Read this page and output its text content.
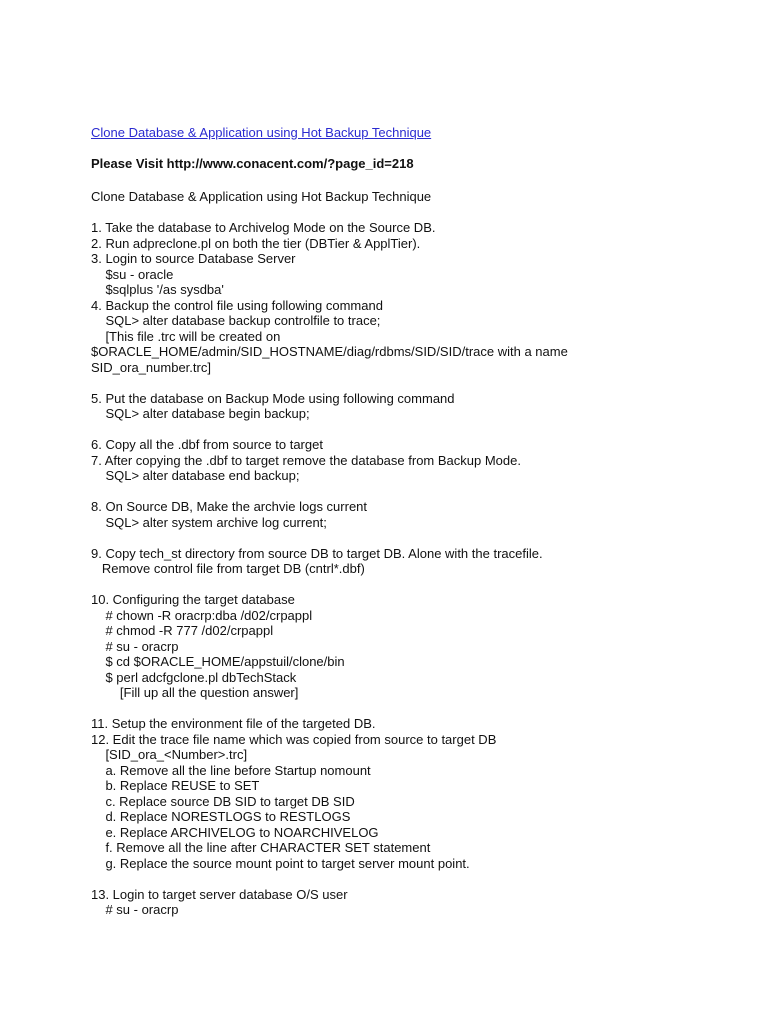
Clone Database & Application using Hot Backup Technique
Please Visit http://www.conacent.com/?page_id=218
Clone Database & Application using Hot Backup Technique
1. Take the database to Archivelog Mode on the Source DB.
2. Run adpreclone.pl on both the tier (DBTier & ApplTier).
3. Login to source Database Server
$su - oracle
$sqlplus '/as sysdba'
4. Backup the control file using following command
SQL> alter database backup controlfile to trace;
[This file .trc will be created on
$ORACLE_HOME/admin/SID_HOSTNAME/diag/rdbms/SID/SID/trace with a name
SID_ora_number.trc]
5. Put the database on Backup Mode using following command
SQL> alter database begin backup;
6. Copy all the .dbf from source to target
7. After copying the .dbf to target remove the database from Backup Mode.
SQL> alter database end backup;
8. On Source DB, Make the archvie logs current
SQL> alter system archive log current;
9. Copy tech_st directory from source DB to target DB. Alone with the tracefile.
Remove control file from target DB (cntrl*.dbf)
10. Configuring the target database
# chown -R oracrp:dba /d02/crpappl
# chmod -R 777 /d02/crpappl
# su - oracrp
$ cd $ORACLE_HOME/appstuil/clone/bin
$ perl adcfgclone.pl dbTechStack
[Fill up all the question answer]
11. Setup the environment file of the targeted DB.
12. Edit the trace file name which was copied from source to target DB
[SID_ora_<Number>.trc]
a. Remove all the line before Startup nomount
b. Replace REUSE to SET
c. Replace source DB SID to target DB SID
d. Replace NORESTLOGS to RESTLOGS
e. Replace ARCHIVELOG to NOARCHIVELOG
f. Remove all the line after CHARACTER SET statement
g. Replace the source mount point to target server mount point.
13. Login to target server database O/S user
# su - oracrp
